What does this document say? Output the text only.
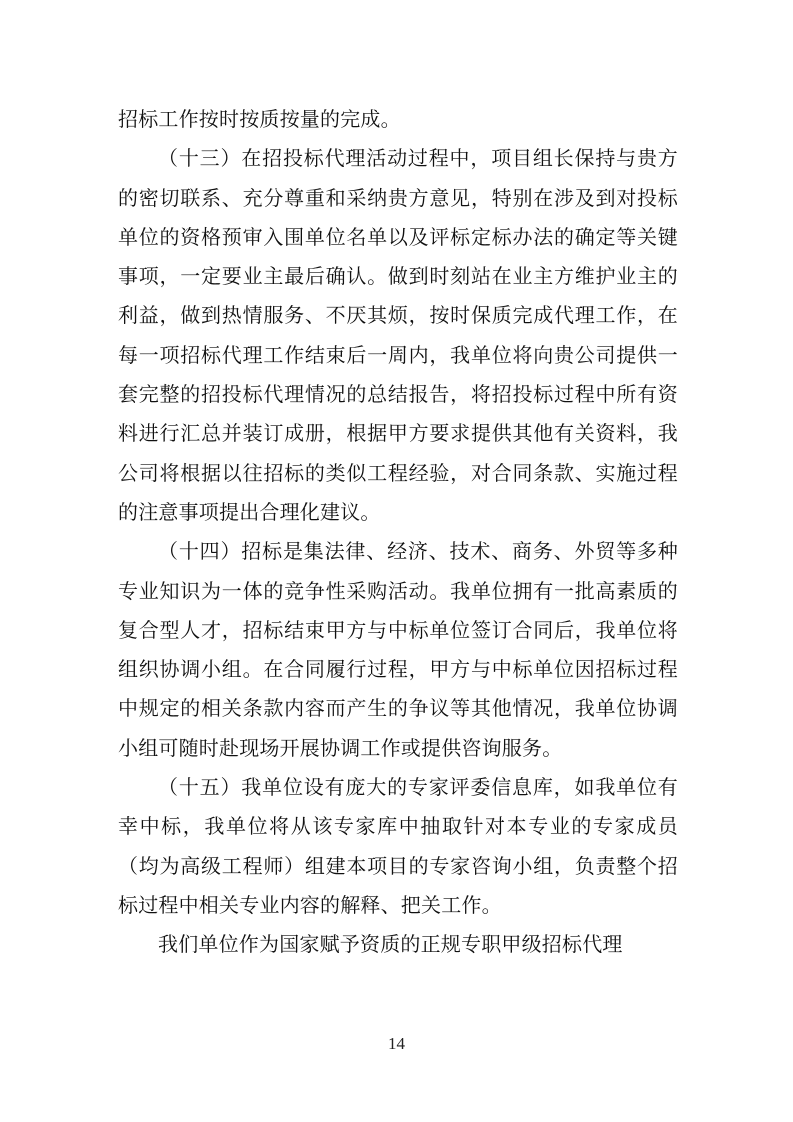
招标工作按时按质按量的完成。

（十三）在招投标代理活动过程中，项目组长保持与贵方的密切联系、充分尊重和采纳贵方意见，特别在涉及到对投标单位的资格预审入围单位名单以及评标定标办法的确定等关键事项，一定要业主最后确认。做到时刻站在业主方维护业主的利益，做到热情服务、不厌其烦，按时保质完成代理工作，在每一项招标代理工作结束后一周内，我单位将向贵公司提供一套完整的招投标代理情况的总结报告，将招投标过程中所有资料进行汇总并装订成册，根据甲方要求提供其他有关资料，我公司将根据以往招标的类似工程经验，对合同条款、实施过程的注意事项提出合理化建议。

（十四）招标是集法律、经济、技术、商务、外贸等多种专业知识为一体的竞争性采购活动。我单位拥有一批高素质的复合型人才，招标结束甲方与中标单位签订合同后，我单位将组织协调小组。在合同履行过程，甲方与中标单位因招标过程中规定的相关条款内容而产生的争议等其他情况，我单位协调小组可随时赴现场开展协调工作或提供咨询服务。

（十五）我单位设有庞大的专家评委信息库，如我单位有幸中标，我单位将从该专家库中抽取针对本专业的专家成员（均为高级工程师）组建本项目的专家咨询小组，负责整个招标过程中相关专业内容的解释、把关工作。

我们单位作为国家赋予资质的正规专职甲级招标代理

14
